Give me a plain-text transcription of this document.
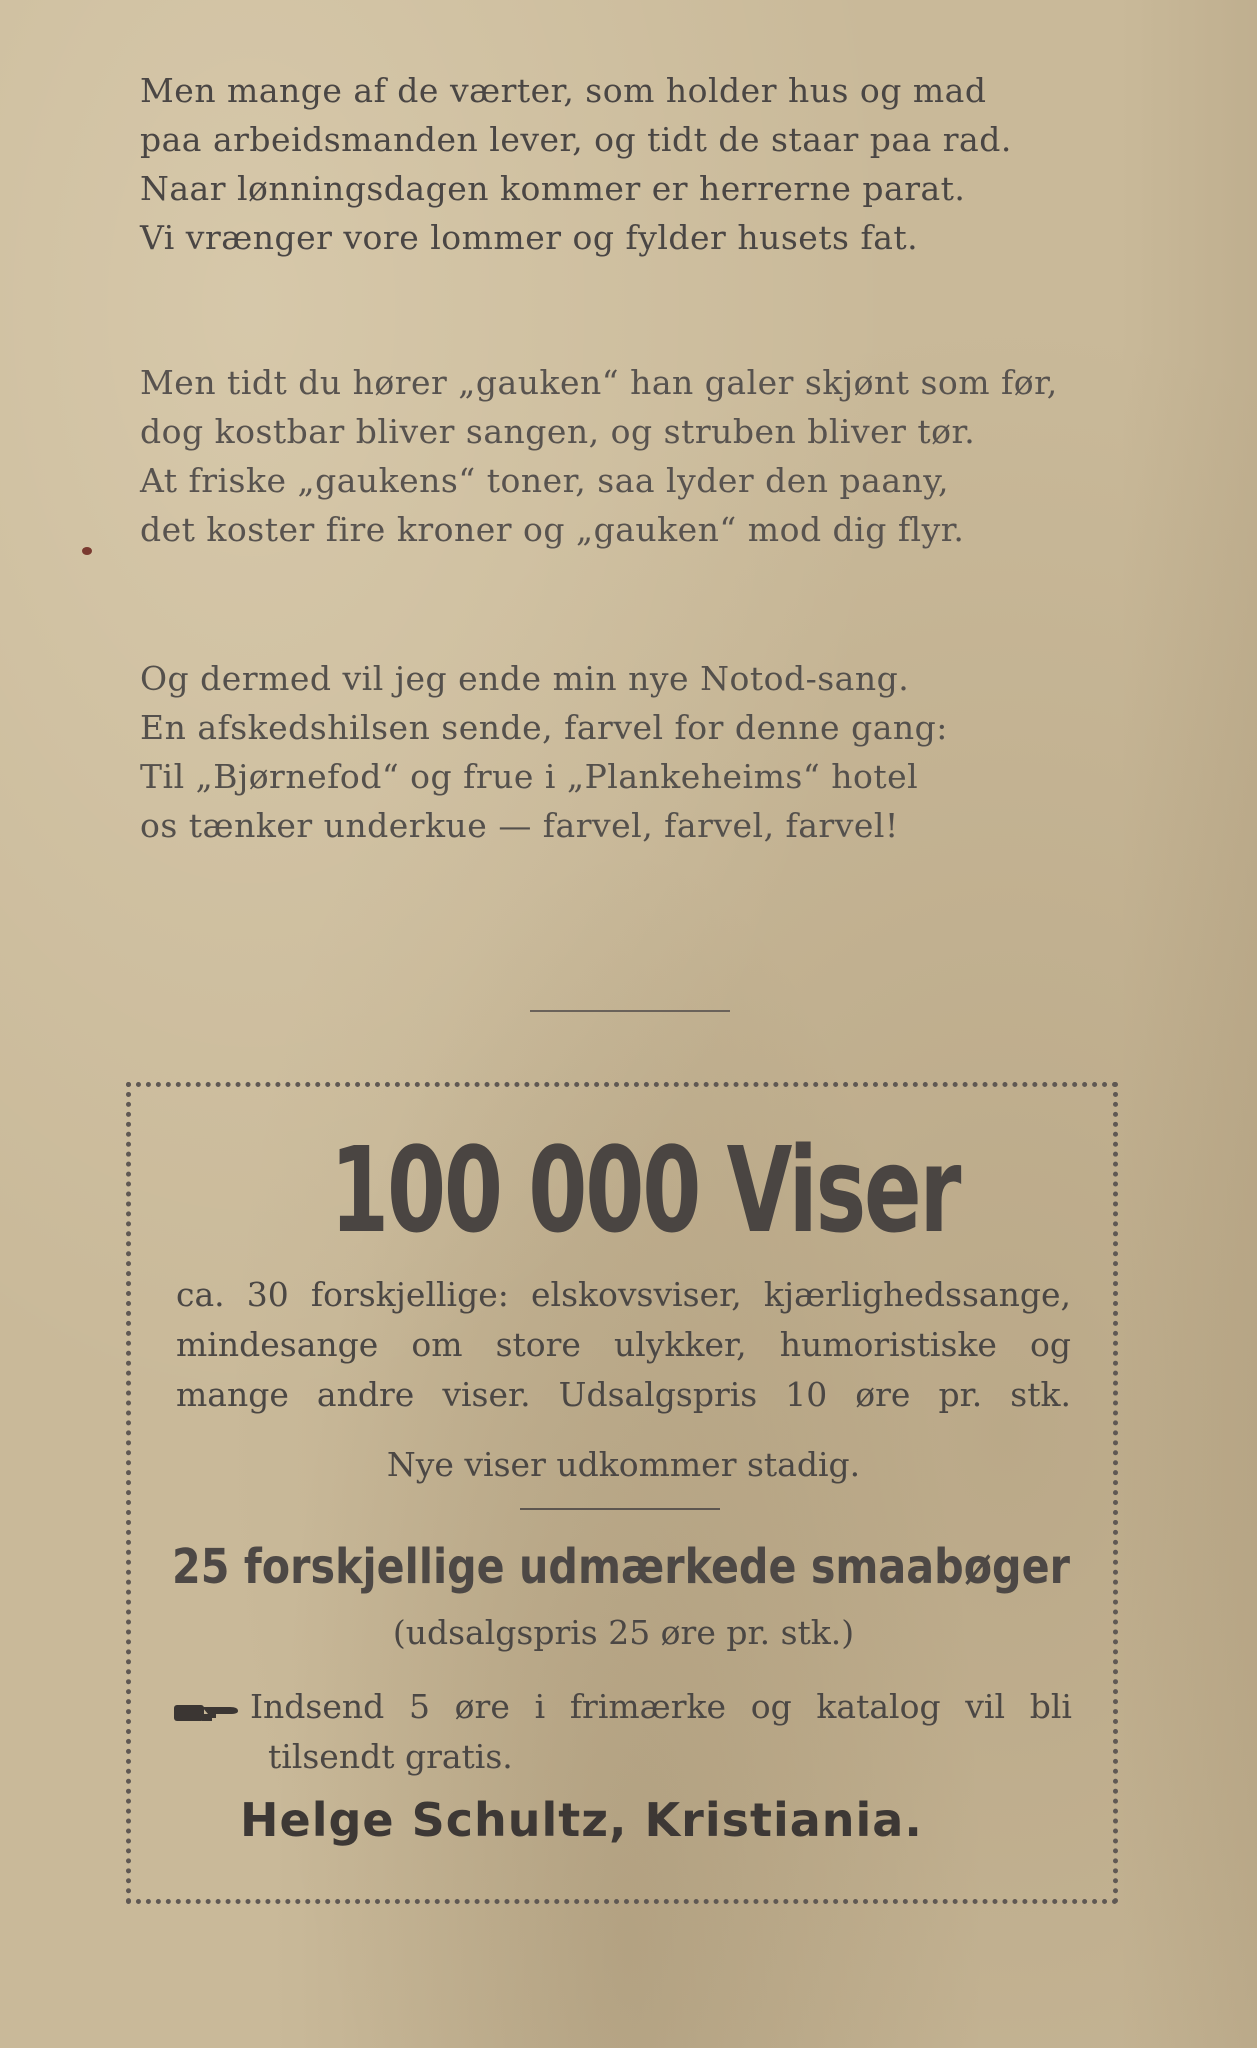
Men mange af de værter, som holder hus og mad
paa arbeidsmanden lever, og tidt de staar paa rad.
Naar lønningsdagen kommer er herrerne parat.
Vi vrænger vore lommer og fylder husets fat.
Men tidt du hører „gauken“ han galer skjønt som før,
dog kostbar bliver sangen, og struben bliver tør.
At friske „gaukens“ toner, saa lyder den paany,
det koster fire kroner og „gauken“ mod dig flyr.
Og dermed vil jeg ende min nye Notod-sang.
En afskedshilsen sende, farvel for denne gang:
Til „Bjørnefod“ og frue i „Plankeheims“ hotel
os tænker underkue — farvel, farvel, farvel!
100 000 Viser
ca. 30 forskjellige: elskovsviser, kjærlighedssange,
mindesange om store ulykker, humoristiske og
mange andre viser. Udsalgspris 10 øre pr. stk.
Nye viser udkommer stadig.
25 forskjellige udmærkede smaabøger
(udsalgspris 25 øre pr. stk.)
Indsend 5 øre i frimærke og katalog vil bli
tilsendt gratis.
Helge Schultz, Kristiania.
